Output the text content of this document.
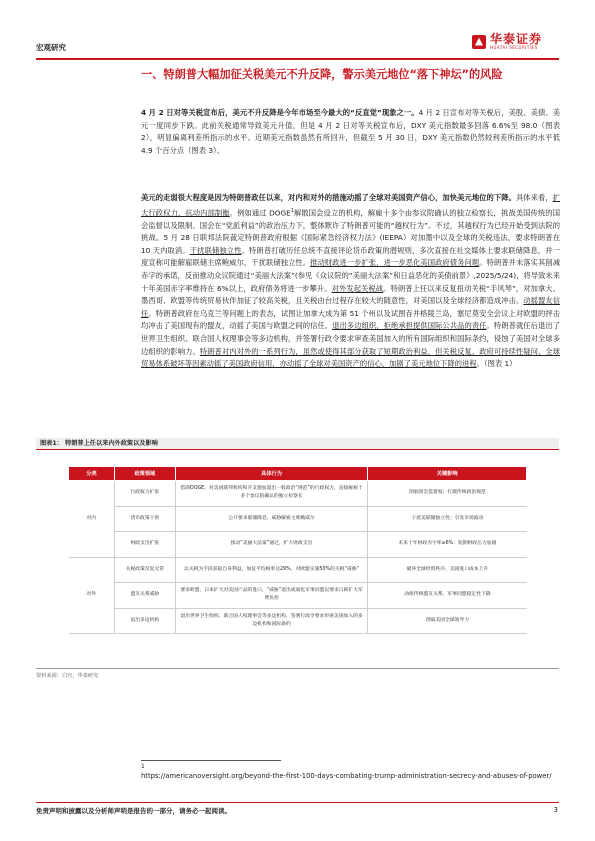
宏观研究
华泰证券
HUATAI SECURITIES
一、特朗普大幅加征关税美元不升反降，警示美元地位“落下神坛”的风险
4 月 2 日对等关税宣布后，美元不升反降是今年市场至今最大的“反直觉”现象之一。4 月 2 日宣布对等关税后，美股、美债、美元一度同步下跌。此前关税通常导致美元升值，但是 4 月 2 日对等关税宣布后，DXY 美元指数最多回落 6.6%至 98.0（图表 2），明显偏离利差所指示的水平。近期美元指数虽然有所回升，但截至 5 月 30 日，DXY 美元指数仍然较利差所指示的水平低 4.9 个百分点（图表 3）。
美元的走弱很大程度是因为特朗普政任以来，对内和对外的措施动摇了全球对美国资产信心，加快美元地位的下降。具体来看，扩大行政权力，抗动内部制衡。例如通过 DOGE$^1$解散国会设立的机构，解雇十多个由参议院确认的独立检察长，挑战美国传统的国会监督以及限制。国会在“党派利益”的政治压力下，整体默许了特朗普可能的“越权行为”。不过，其越权行为已经开始受到法院的挑战。5 月 28 日联邦法院裁定特朗普政府根据《国际紧急经济权力法》(IEEPA）对加墨中以及全球的关税违法，要求特朗普在 10 天内取消。干扰联储独立性。特朗普打破历任总统不直接评论货币政策的潜规则，多次直接在社交媒体上要求联储降息，并一度宣称可能解雇联储主席鲍威尔，干扰联储独立性。推动财政进一步扩张，进一步恶化美国政府债务问题。特朗普并未落实其削减赤字的承诺，反而推动众议院通过“美丽大法案”(参见《众议院的“美丽大法案”和日益恶化的美债前景》,2025/5/24)，将导致未来十年美国赤字率维持在 6%以上，政府债务将进一步攀升。对外发起关税战。特朗普上任以来反复扭动关税“手风琴”，对加拿大、墨西哥、欧盟等传统贸易伙伴加征了较高关税，且关税由台过程存在较大的随意性，对美国以及全球经济都造成冲击。动摇盟友信任。特朗普政府在乌克兰等问题上的表态，试图让加拿大成为第 51 个州以及试图吞并格陵兰岛，塞尼莫安全会议上对欧盟的抨击均冲击了美国现有的盟友，动摇了美国与欧盟之间的信任。退出多边组织，拒绝承担提供国际公共品的责任。特朗普就任后退出了世界卫生组织、联合国人权理事会等多边机构，并签署行政令要求审查美国加入的所有国际组织和国际条约，侵蚀了美国对全球多边组织的影响力。特朗普对内对外的一系列行为，虽然或使得其部分获取了短期政治利益，但关税反复、政府可持续性疑问、全球贸易体系破坏等因素动摇了美国政府信用，亦动摇了全球对美国资产的信心，加剧了美元地位下降的进程。（图表 1）
图表1： 特朗普上任以来内外政策以及影响
分类	政策领域	具体行为	关键影响
对内	行政权力扩张	借助DOGE、对美国联邦机构和开支施加超出一般政治“规范”的行政权力，直接解雇十多个参议院确认的独立检察长	削弱国会监督权；打破传统政治规范
	货币政策干预	公开要求联储降息，威胁解雇主席鲍威尔	干扰美联储独立性；引发市场波动
	财政支出扩张	推动“美丽大法案”通过，扩大财政支出	未来十年财政赤字率≥6%；短期财政压力加剧
对外	关税政策反复无常	以关税为手段获取自身利益，加征平均税率达29%，对欧盟实施50%的关税“威胁”	破坏全球经贸秩序，美国进口成本上升
	盟友关系威胁	要求欧盟、日本扩大对美国产品的进口，“威胁”退出或弱化军事同盟以要求日韩扩大军费负担	动摇传统盟友关系，军事同盟稳定性下降
	退出多边机构	退出世界卫生组织、联合国人权理事会等多边机构，签署行政令要求审查美国加入的多边机构和国际条约	削弱美国全球领导力
资料来源：白宫，华泰研究
1
https://americanoversight.org/beyond-the-first-100-days-combating-trump-administration-secrecy-and-abuses-of-power/
免责声明和披露以及分析师声明是报告的一部分，请务必一起阅读。	3
